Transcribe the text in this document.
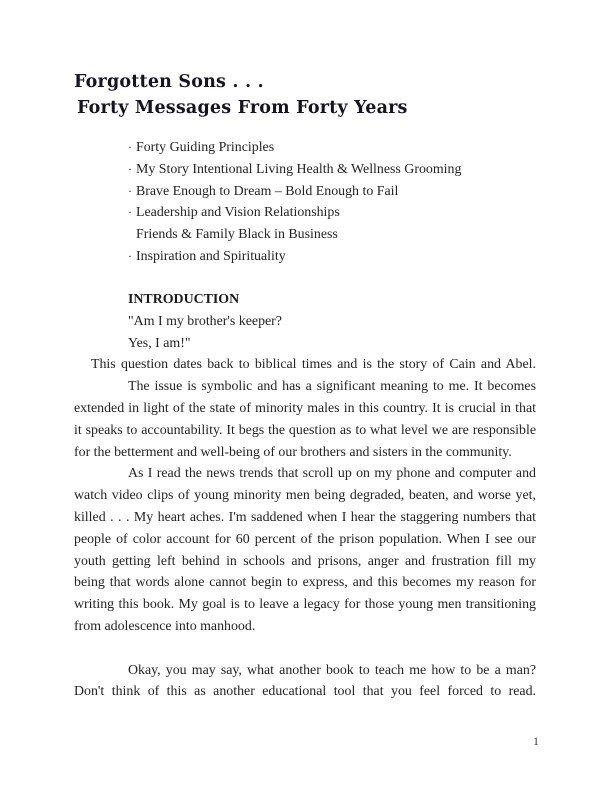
Forgotten Sons . . .
Forty Messages From Forty Years
· Forty Guiding Principles
· My Story Intentional Living Health & Wellness Grooming
· Brave Enough to Dream – Bold Enough to Fail
· Leadership and Vision Relationships
Friends & Family Black in Business
· Inspiration and Spirituality
INTRODUCTION
"Am I my brother's keeper?
Yes, I am!"
This question dates back to biblical times and is the story of Cain and Abel.
The issue is symbolic and has a significant meaning to me. It becomes
extended in light of the state of minority males in this country. It is crucial in that
it speaks to accountability. It begs the question as to what level we are responsible
for the betterment and well-being of our brothers and sisters in the community.
As I read the news trends that scroll up on my phone and computer and
watch video clips of young minority men being degraded, beaten, and worse yet,
killed . . . My heart aches. I'm saddened when I hear the staggering numbers that
people of color account for 60 percent of the prison population. When I see our
youth getting left behind in schools and prisons, anger and frustration fill my
being that words alone cannot begin to express, and this becomes my reason for
writing this book. My goal is to leave a legacy for those young men transitioning
from adolescence into manhood.
Okay, you may say, what another book to teach me how to be a man?
Don't think of this as another educational tool that you feel forced to read.
1
